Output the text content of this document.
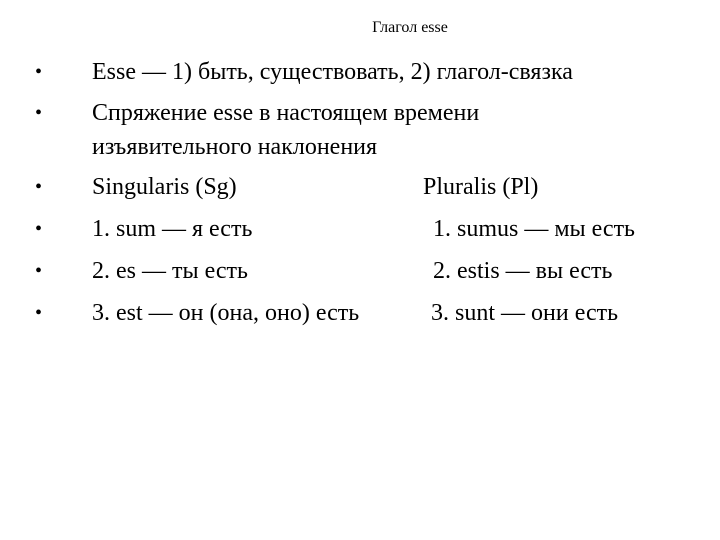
Глагол esse
• Esse — 1) быть, существовать, 2) глагол-связка
• Спряжение esse в настоящем времени
изъявительного наклонения
• Singularis (Sg)	Pluralis (Pl)
• 1. sum — я есть	1. sumus — мы есть
• 2. es — ты есть	2. estis — вы есть
• 3. est — он (она, оно) есть	3. sunt — они есть
